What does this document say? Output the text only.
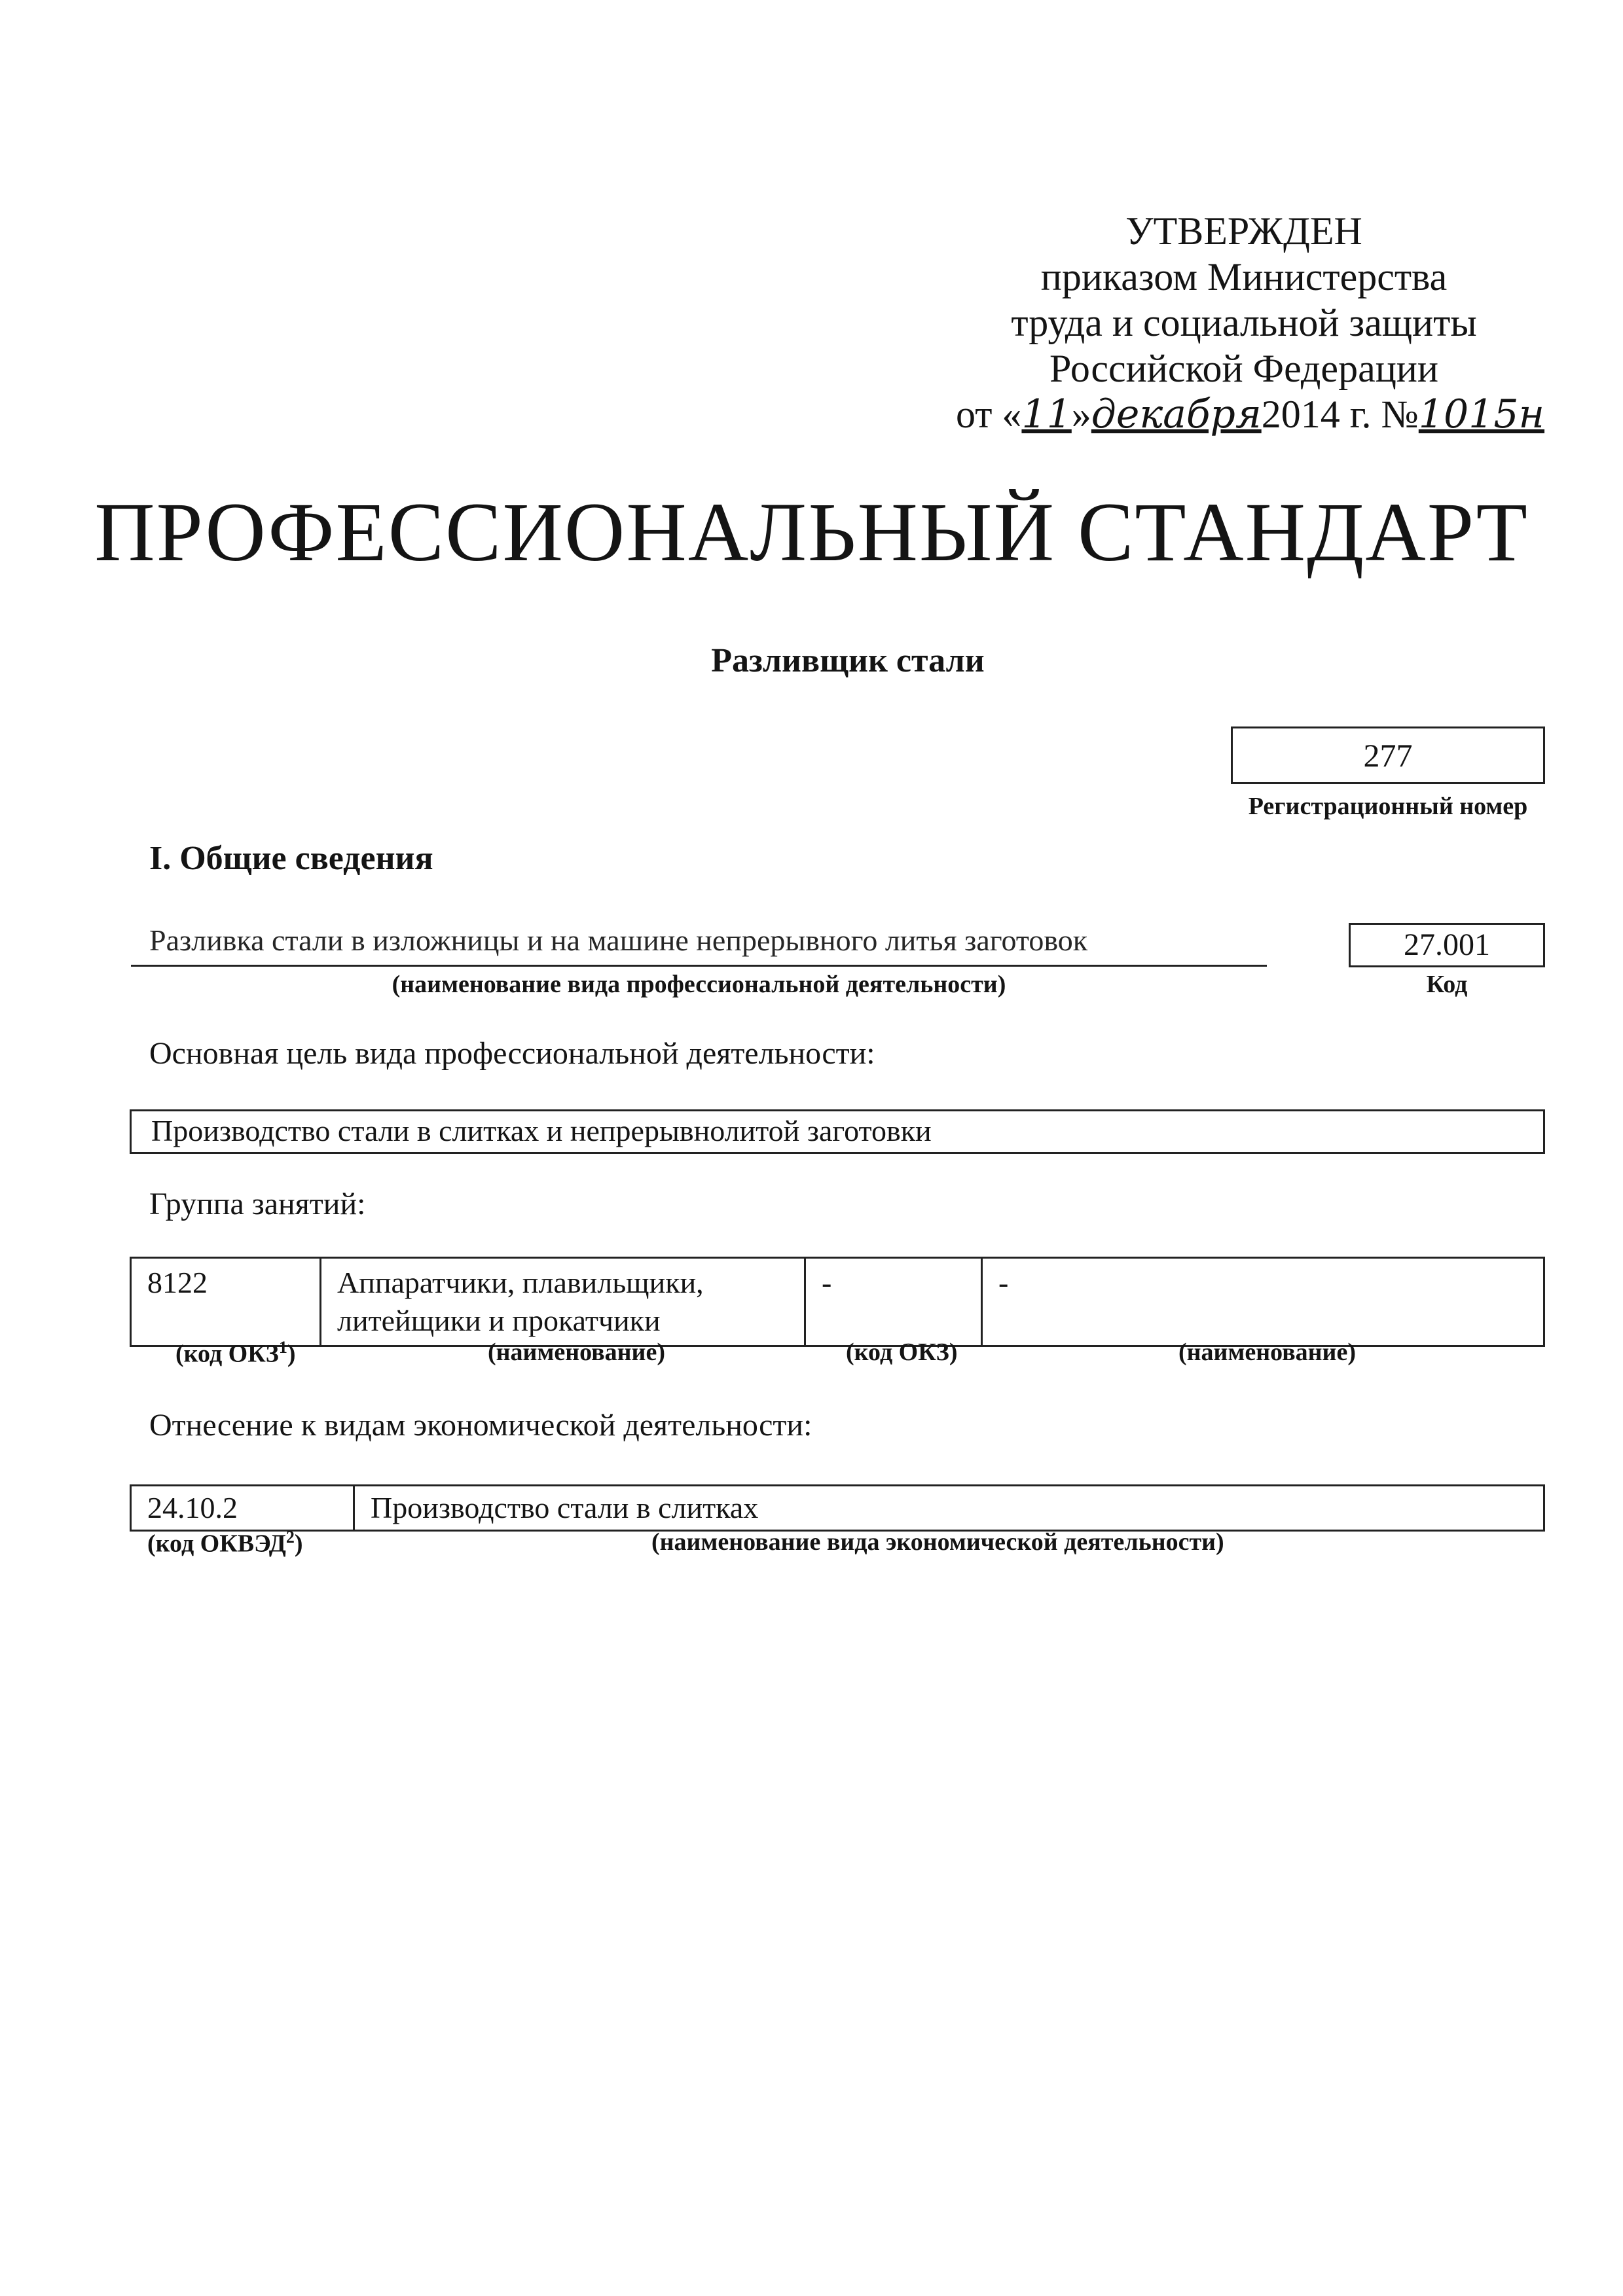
УТВЕРЖДЕН
приказом Министерства
труда и социальной защиты
Российской Федерации
от «11»декабря2014 г. №1015н
ПРОФЕССИОНАЛЬНЫЙ СТАНДАРТ
Разливщик стали
277
Регистрационный номер
I. Общие сведения
Разливка стали в изложницы и на машине непрерывного литья заготовок
(наименование вида профессиональной деятельности)
27.001
Код
Основная цель вида профессиональной деятельности:
Производство стали в слитках и непрерывнолитой заготовки
Группа занятий:
8122	Аппаратчики, плавильщики, литейщики и прокатчики	-	-
(код ОКЗ$^1$)	(наименование)	(код ОКЗ)	(наименование)
Отнесение к видам экономической деятельности:
24.10.2	Производство стали в слитках
(код ОКВЭД$^2$)	(наименование вида экономической деятельности)
